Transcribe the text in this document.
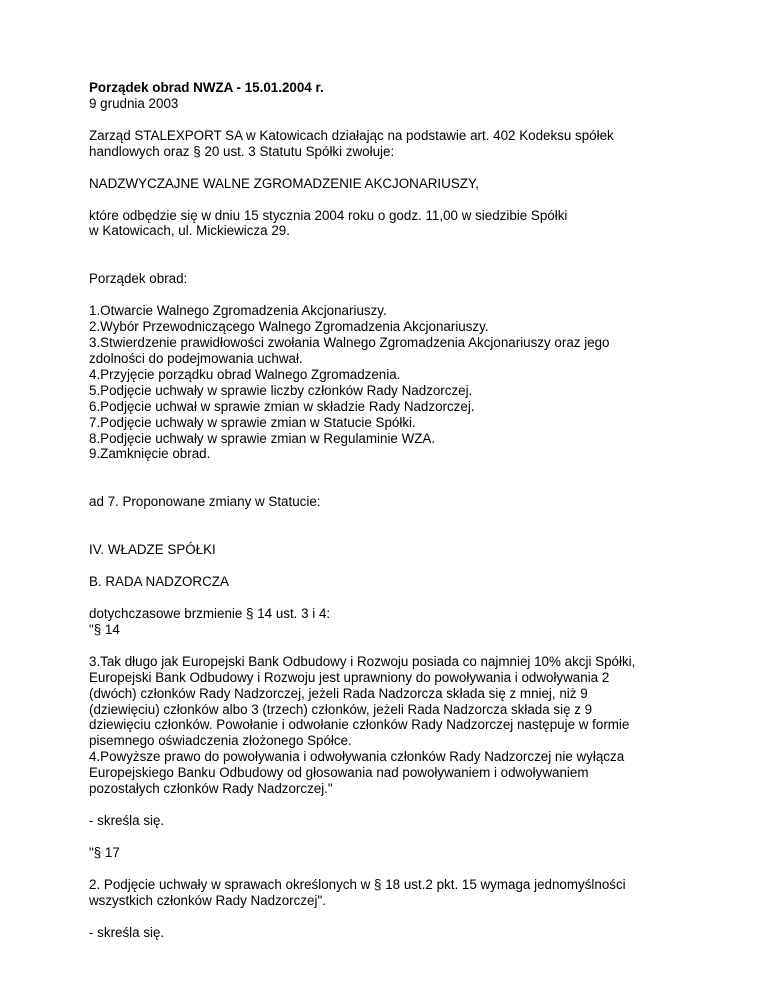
Porządek obrad NWZA - 15.01.2004 r.
9 grudnia 2003
Zarząd STALEXPORT SA w Katowicach działając na podstawie art. 402 Kodeksu spółek
handlowych oraz § 20 ust. 3 Statutu Spółki zwołuje:
NADZWYCZAJNE WALNE ZGROMADZENIE AKCJONARIUSZY,
które odbędzie się w dniu 15 stycznia 2004 roku o godz. 11,00 w siedzibie Spółki
w Katowicach, ul. Mickiewicza 29.
Porządek obrad:
1.Otwarcie Walnego Zgromadzenia Akcjonariuszy.
2.Wybór Przewodniczącego Walnego Zgromadzenia Akcjonariuszy.
3.Stwierdzenie prawidłowości zwołania Walnego Zgromadzenia Akcjonariuszy oraz jego
zdolności do podejmowania uchwał.
4.Przyjęcie porządku obrad Walnego Zgromadzenia.
5.Podjęcie uchwały w sprawie liczby członków Rady Nadzorczej.
6.Podjęcie uchwał w sprawie zmian w składzie Rady Nadzorczej.
7.Podjęcie uchwały w sprawie zmian w Statucie Spółki.
8.Podjęcie uchwały w sprawie zmian w Regulaminie WZA.
9.Zamknięcie obrad.
ad 7. Proponowane zmiany w Statucie:
IV. WŁADZE SPÓŁKI
B. RADA NADZORCZA
dotychczasowe brzmienie § 14 ust. 3 i 4:
"§ 14
3.Tak długo jak Europejski Bank Odbudowy i Rozwoju posiada co najmniej 10% akcji Spółki,
Europejski Bank Odbudowy i Rozwoju jest uprawniony do powoływania i odwoływania 2
(dwóch) członków Rady Nadzorczej, jeżeli Rada Nadzorcza składa się z mniej, niż 9
(dziewięciu) członków albo 3 (trzech) członków, jeżeli Rada Nadzorcza składa się z 9
dziewięciu członków. Powołanie i odwołanie członków Rady Nadzorczej następuje w formie
pisemnego oświadczenia złożonego Spółce.
4.Powyższe prawo do powoływania i odwoływania członków Rady Nadzorczej nie wyłącza
Europejskiego Banku Odbudowy od głosowania nad powoływaniem i odwoływaniem
pozostałych członków Rady Nadzorczej."
- skreśla się.
"§ 17
2. Podjęcie uchwały w sprawach określonych w § 18 ust.2 pkt. 15 wymaga jednomyślności
wszystkich członków Rady Nadzorczej".
- skreśla się.
